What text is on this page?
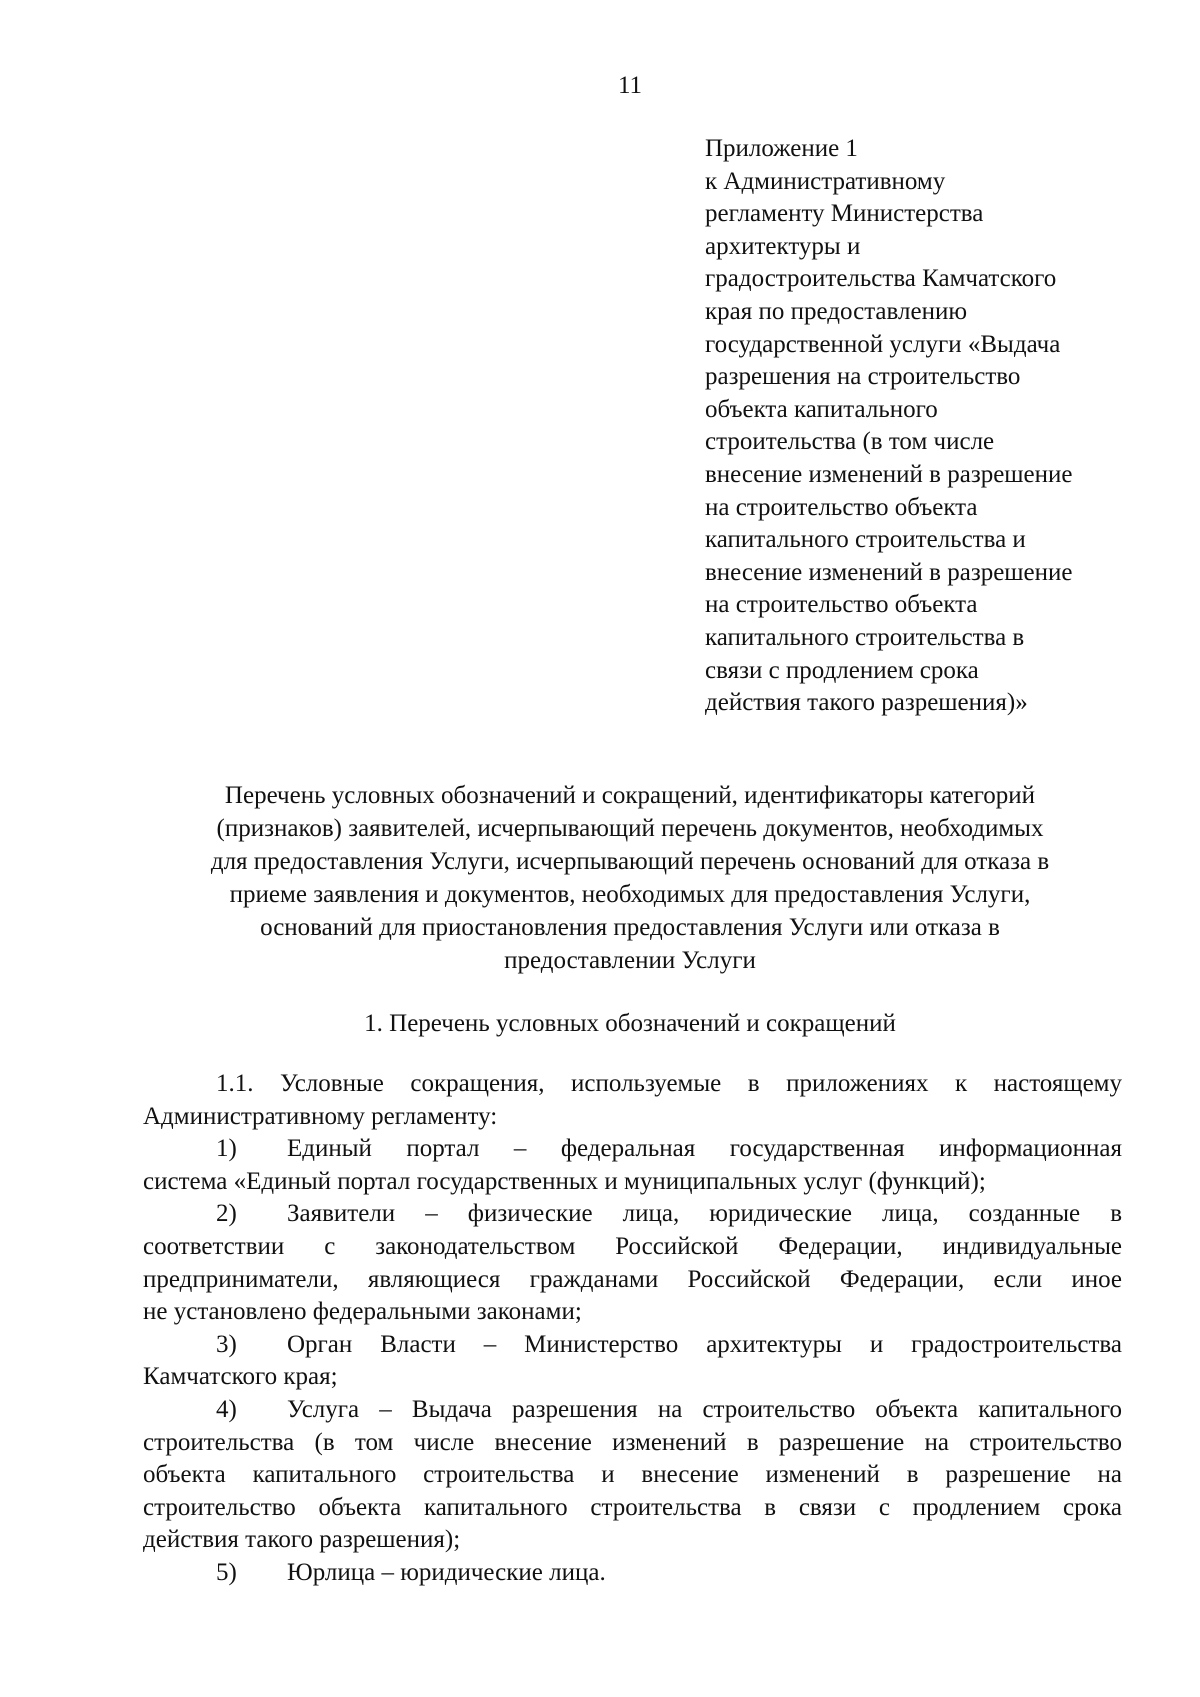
11
Приложение 1
к Административному
регламенту Министерства
архитектуры и
градостроительства Камчатского
края по предоставлению
государственной услуги «Выдача
разрешения на строительство
объекта капитального
строительства (в том числе
внесение изменений в разрешение
на строительство объекта
капитального строительства и
внесение изменений в разрешение
на строительство объекта
капитального строительства в
связи с продлением срока
действия такого разрешения)»
Перечень условных обозначений и сокращений, идентификаторы категорий
(признаков) заявителей, исчерпывающий перечень документов, необходимых
для предоставления Услуги, исчерпывающий перечень оснований для отказа в
приеме заявления и документов, необходимых для предоставления Услуги,
оснований для приостановления предоставления Услуги или отказа в
предоставлении Услуги
1. Перечень условных обозначений и сокращений
1.1. Условные сокращения, используемые в приложениях к настоящему
Административному регламенту:
1) Единый портал – федеральная государственная информационная
система «Единый портал государственных и муниципальных услуг (функций);
2) Заявители – физические лица, юридические лица, созданные в
соответствии с законодательством Российской Федерации, индивидуальные
предприниматели, являющиеся гражданами Российской Федерации, если иное
не установлено федеральными законами;
3) Орган Власти – Министерство архитектуры и градостроительства
Камчатского края;
4) Услуга – Выдача разрешения на строительство объекта капитального
строительства (в том числе внесение изменений в разрешение на строительство
объекта капитального строительства и внесение изменений в разрешение на
строительство объекта капитального строительства в связи с продлением срока
действия такого разрешения);
5) Юрлица – юридические лица.
